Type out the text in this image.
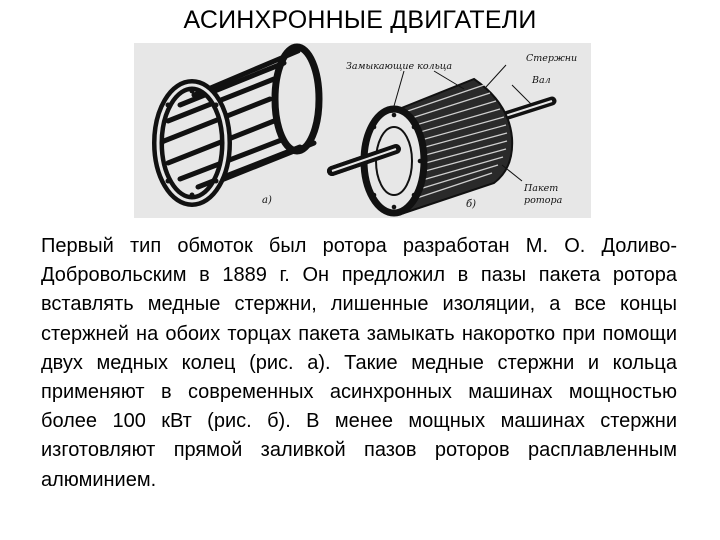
АСИНХРОННЫЕ ДВИГАТЕЛИ
а)
Замыкающие кольца
Стержни
Вал
Пакет
ротора
б)
Первый тип обмоток был ротора разработан М. О. Доливо-Добровольским в 1889 г. Он предложил в пазы пакета ротора вставлять медные стержни, лишенные изоляции, а все концы стержней на обоих торцах пакета замыкать накоротко при помощи двух медных колец (рис. а). Такие медные стержни и кольца применяют в современных асинхронных машинах мощностью более 100 кВт (рис. б). В менее мощных машинах стержни изготовляют прямой заливкой пазов роторов расплавленным алюминием.
